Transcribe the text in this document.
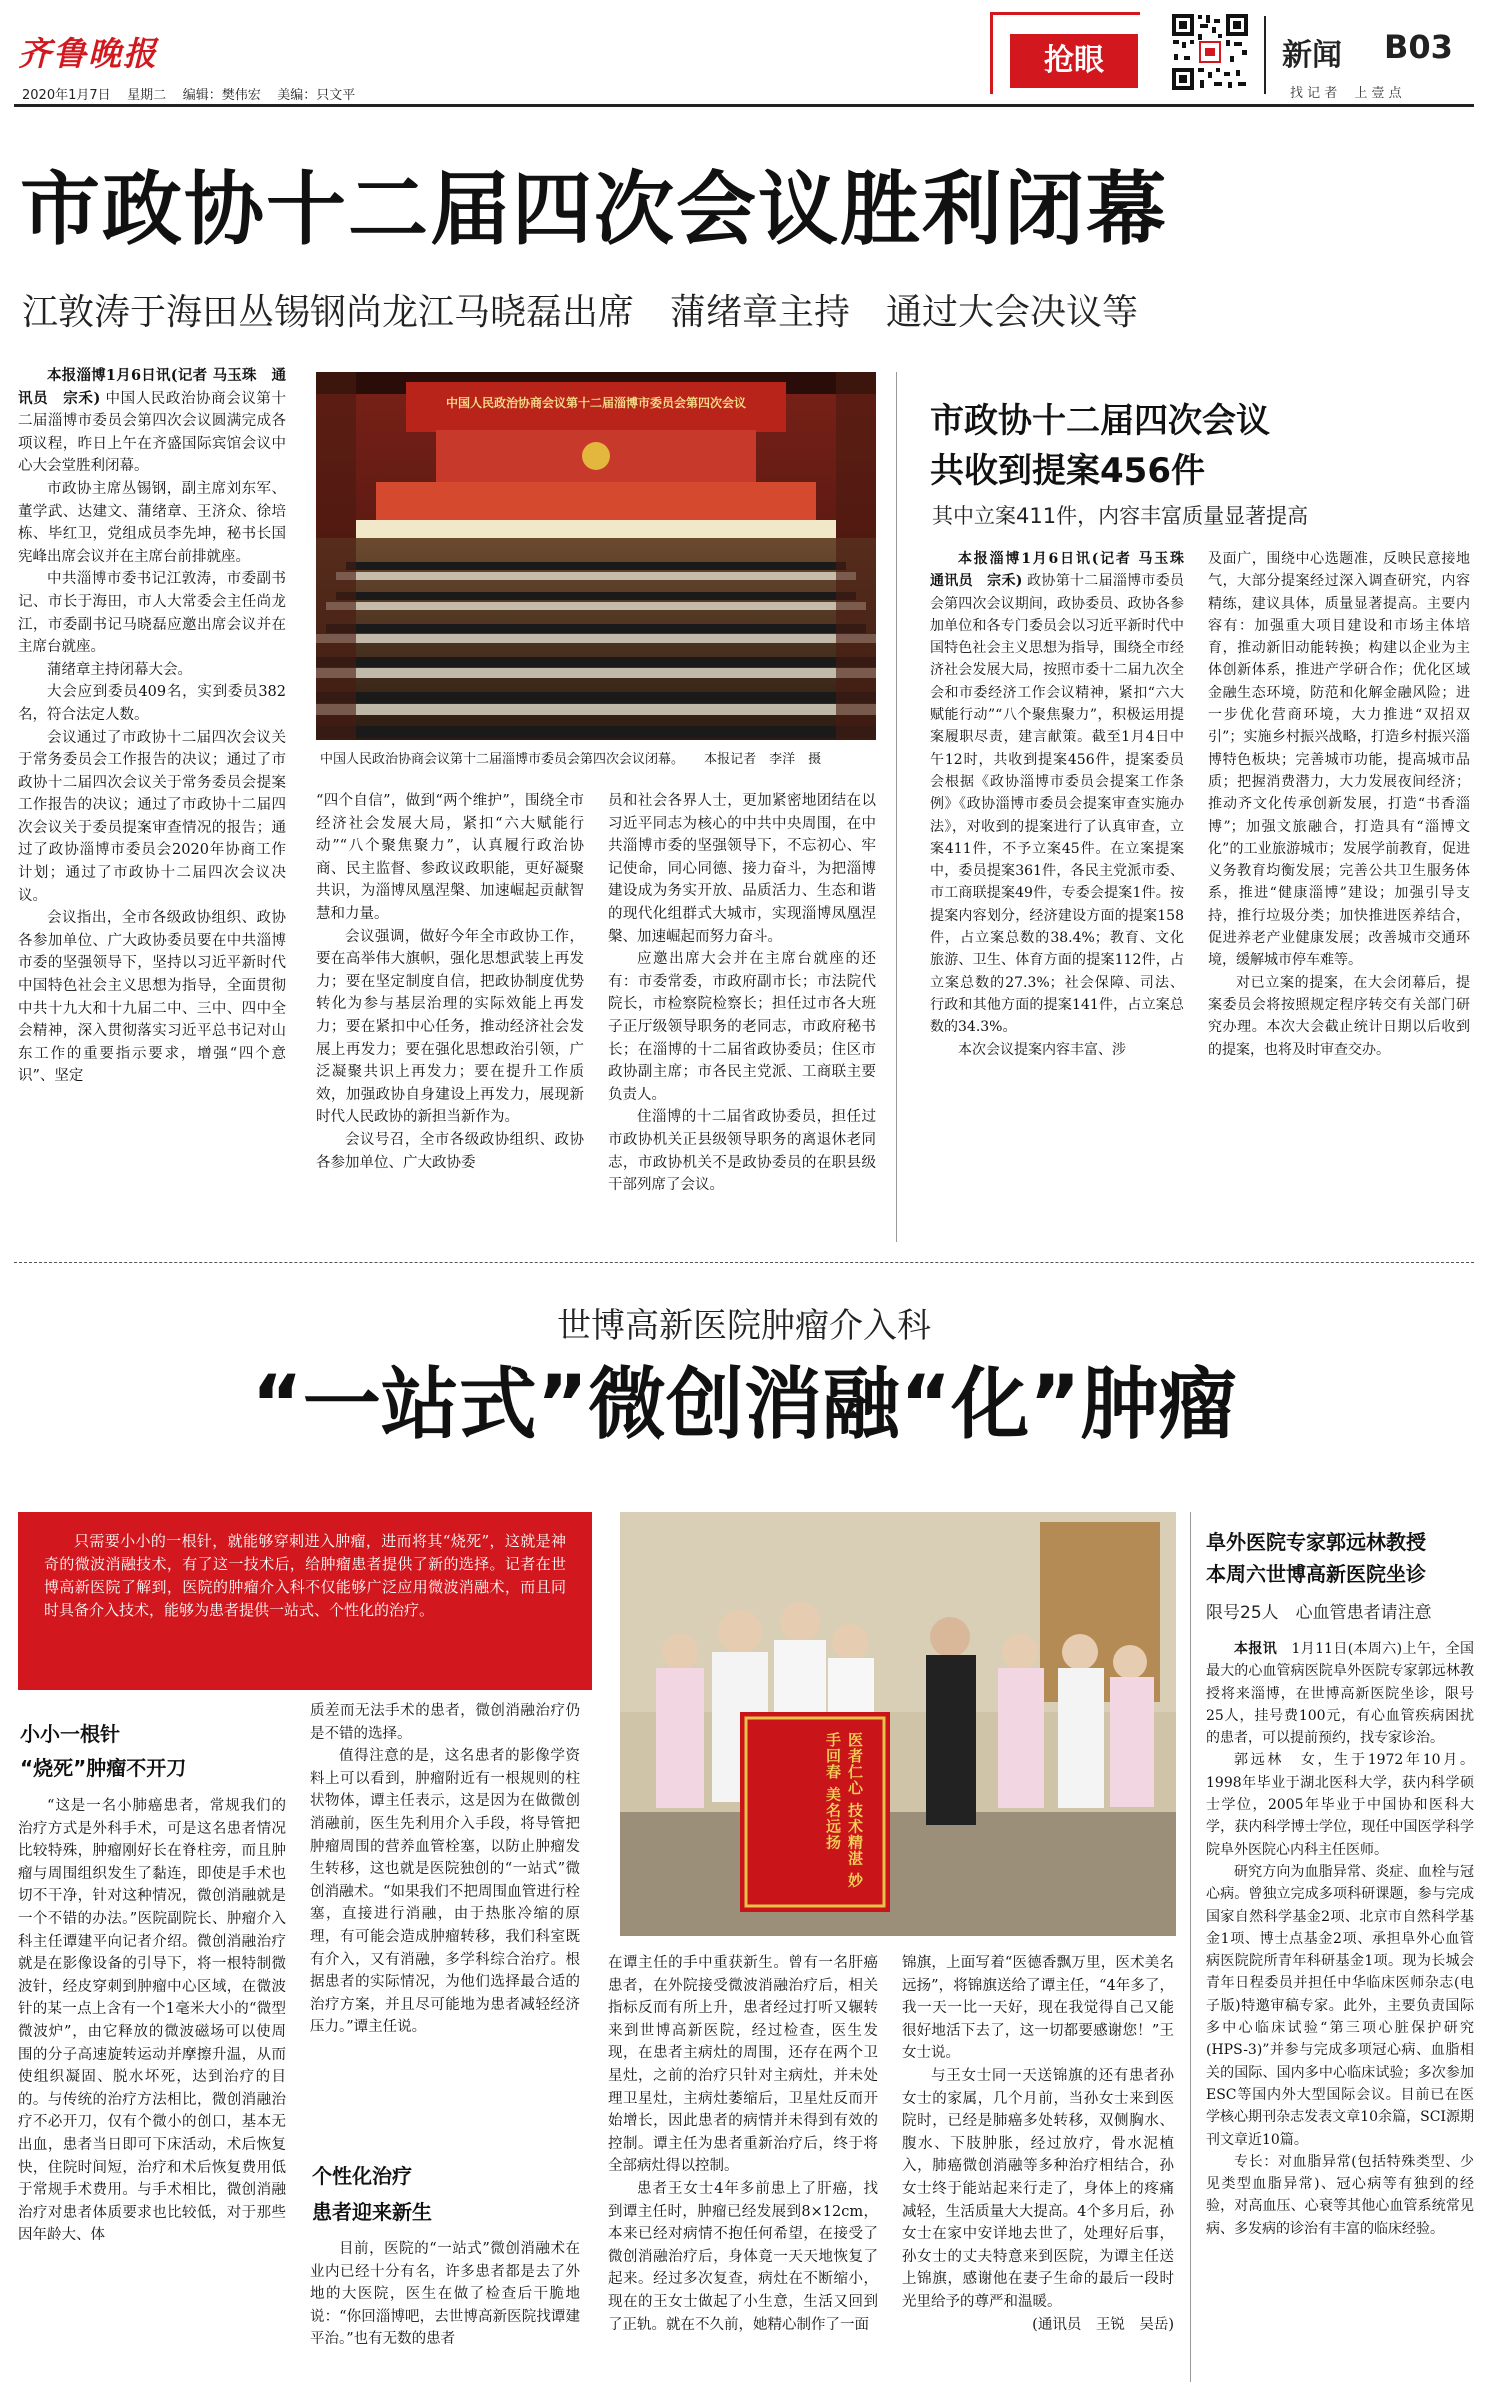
齐鲁晚报
2020年1月7日 星期二 编辑：樊伟宏 美编：只文平
抢眼	新闻 B03
找 记 者　 上 壹 点
市政协十二届四次会议胜利闭幕
江敦涛于海田丛锡钢尚龙江马晓磊出席　蒲绪章主持　通过大会决议等

本报淄博1月6日讯(记者 马玉珠　通讯员　宗禾) 中国人民政治协商会议第十二届淄博市委员会第四次会议圆满完成各项议程，昨日上午在齐盛国际宾馆会议中心大会堂胜利闭幕。

市政协主席丛锡钢，副主席刘东军、董学武、达建文、蒲绪章、王济众、徐培栋、毕红卫，党组成员李先坤，秘书长国宪峰出席会议并在主席台前排就座。

中共淄博市委书记江敦涛，市委副书记、市长于海田，市人大常委会主任尚龙江，市委副书记马晓磊应邀出席会议并在主席台就座。

蒲绪章主持闭幕大会。

大会应到委员409名，实到委员382名，符合法定人数。

会议通过了市政协十二届四次会议关于常务委员会工作报告的决议；通过了市政协十二届四次会议关于常务委员会提案工作报告的决议；通过了市政协十二届四次会议关于委员提案审查情况的报告；通过了政协淄博市委员会2020年协商工作计划；通过了市政协十二届四次会议决议。

会议指出，全市各级政协组织、政协各参加单位、广大政协委员要在中共淄博市委的坚强领导下，坚持以习近平新时代中国特色社会主义思想为指导，全面贯彻中共十九大和十九届二中、三中、四中全会精神，深入贯彻落实习近平总书记对山东工作的重要指示要求，增强“四个意识”、坚定

中国人民政治协商会议第十二届淄博市委员会第四次会议
中国人民政治协商会议第十二届淄博市委员会第四次会议闭幕。 本报记者　李洋　摄

“四个自信”，做到“两个维护”，围绕全市经济社会发展大局，紧扣“六大赋能行动”“八个聚焦聚力”，认真履行政治协商、民主监督、参政议政职能，更好凝聚共识，为淄博凤凰涅槃、加速崛起贡献智慧和力量。

会议强调，做好今年全市政协工作，要在高举伟大旗帜，强化思想武装上再发力；要在坚定制度自信，把政协制度优势转化为参与基层治理的实际效能上再发力；要在紧扣中心任务，推动经济社会发展上再发力；要在强化思想政治引领，广泛凝聚共识上再发力；要在提升工作质效，加强政协自身建设上再发力，展现新时代人民政协的新担当新作为。

会议号召，全市各级政协组织、政协各参加单位、广大政协委

员和社会各界人士，更加紧密地团结在以习近平同志为核心的中共中央周围，在中共淄博市委的坚强领导下，不忘初心、牢记使命，同心同德、接力奋斗，为把淄博建设成为务实开放、品质活力、生态和谐的现代化组群式大城市，实现淄博凤凰涅槃、加速崛起而努力奋斗。

应邀出席大会并在主席台就座的还有：市委常委，市政府副市长；市法院代院长，市检察院检察长；担任过市各大班子正厅级领导职务的老同志，市政府秘书长；在淄博的十二届省政协委员；住区市政协副主席；市各民主党派、工商联主要负责人。

住淄博的十二届省政协委员，担任过市政协机关正县级领导职务的离退休老同志，市政协机关不是政协委员的在职县级干部列席了会议。

市政协十二届四次会议
共收到提案456件
其中立案411件，内容丰富质量显著提高

本报淄博1月6日讯(记者 马玉珠　通讯员　宗禾) 政协第十二届淄博市委员会第四次会议期间，政协委员、政协各参加单位和各专门委员会以习近平新时代中国特色社会主义思想为指导，围绕全市经济社会发展大局，按照市委十二届九次全会和市委经济工作会议精神，紧扣“六大赋能行动”“八个聚焦聚力”，积极运用提案履职尽责，建言献策。截至1月4日中午12时，共收到提案456件，提案委员会根据《政协淄博市委员会提案工作条例》《政协淄博市委员会提案审查实施办法》，对收到的提案进行了认真审查，立案411件，不予立案45件。在立案提案中，委员提案361件，各民主党派市委、市工商联提案49件，专委会提案1件。按提案内容划分，经济建设方面的提案158件，占立案总数的38.4%；教育、文化旅游、卫生、体育方面的提案112件，占立案总数的27.3%；社会保障、司法、行政和其他方面的提案141件，占立案总数的34.3%。

本次会议提案内容丰富、涉

及面广，围绕中心选题准，反映民意接地气，大部分提案经过深入调查研究，内容精练，建议具体，质量显著提高。主要内容有：加强重大项目建设和市场主体培育，推动新旧动能转换；构建以企业为主体创新体系，推进产学研合作；优化区域金融生态环境，防范和化解金融风险；进一步优化营商环境，大力推进“双招双引”；实施乡村振兴战略，打造乡村振兴淄博特色板块；完善城市功能，提高城市品质；把握消费潜力，大力发展夜间经济；推动齐文化传承创新发展，打造“书香淄博”；加强文旅融合，打造具有“淄博文化”的工业旅游城市；发展学前教育，促进义务教育均衡发展；完善公共卫生服务体系，推进“健康淄博”建设；加强引导支持，推行垃圾分类；加快推进医养结合，促进养老产业健康发展；改善城市交通环境，缓解城市停车难等。

对已立案的提案，在大会闭幕后，提案委员会将按照规定程序转交有关部门研究办理。本次大会截止统计日期以后收到的提案，也将及时审查交办。

世博高新医院肿瘤介入科
“一站式”微创消融“化”肿瘤
只需要小小的一根针，就能够穿刺进入肿瘤，进而将其“烧死”，这就是神奇的微波消融技术，有了这一技术后，给肿瘤患者提供了新的选择。记者在世博高新医院了解到，医院的肿瘤介入科不仅能够广泛应用微波消融术，而且同时具备介入技术，能够为患者提供一站式、个性化的治疗。
医者仁心 技术精湛 妙手回春 美名远扬
小小一根针
“烧死”肿瘤不开刀

“这是一名小肺癌患者，常规我们的治疗方式是外科手术，可是这名患者情况比较特殊，肿瘤刚好长在脊柱旁，而且肿瘤与周围组织发生了黏连，即使是手术也切不干净，针对这种情况，微创消融就是一个不错的办法。”医院副院长、肿瘤介入科主任谭建平向记者介绍。微创消融治疗就是在影像设备的引导下，将一根特制微波针，经皮穿刺到肿瘤中心区域，在微波针的某一点上含有一个1毫米大小的“微型微波炉”，由它释放的微波磁场可以使周围的分子高速旋转运动并摩擦升温，从而使组织凝固、脱水坏死，达到治疗的目的。与传统的治疗方法相比，微创消融治疗不必开刀，仅有个微小的创口，基本无出血，患者当日即可下床活动，术后恢复快，住院时间短，治疗和术后恢复费用低于常规手术费用。与手术相比，微创消融治疗对患者体质要求也比较低，对于那些因年龄大、体

质差而无法手术的患者，微创消融治疗仍是不错的选择。

值得注意的是，这名患者的影像学资料上可以看到，肿瘤附近有一根规则的柱状物体，谭主任表示，这是因为在做微创消融前，医生先利用介入手段，将导管把肿瘤周围的营养血管栓塞，以防止肿瘤发生转移，这也就是医院独创的“一站式”微创消融术。“如果我们不把周围血管进行栓塞，直接进行消融，由于热胀冷缩的原理，有可能会造成肿瘤转移，我们科室既有介入，又有消融，多学科综合治疗。根据患者的实际情况，为他们选择最合适的治疗方案，并且尽可能地为患者减轻经济压力。”谭主任说。

个性化治疗
患者迎来新生

目前，医院的“一站式”微创消融术在业内已经十分有名，许多患者都是去了外地的大医院，医生在做了检查后干脆地说：“你回淄博吧，去世博高新医院找谭建平治。”也有无数的患者

在谭主任的手中重获新生。曾有一名肝癌患者，在外院接受微波消融治疗后，相关指标反而有所上升，患者经过打听又辗转来到世博高新医院，经过检查，医生发现，在患者主病灶的周围，还存在两个卫星灶，之前的治疗只针对主病灶，并未处理卫星灶，主病灶萎缩后，卫星灶反而开始增长，因此患者的病情并未得到有效的控制。谭主任为患者重新治疗后，终于将全部病灶得以控制。

患者王女士4年多前患上了肝癌，找到谭主任时，肿瘤已经发展到8×12cm，本来已经对病情不抱任何希望，在接受了微创消融治疗后，身体竟一天天地恢复了起来。经过多次复查，病灶在不断缩小，现在的王女士做起了小生意，生活又回到了正轨。就在不久前，她精心制作了一面

锦旗，上面写着“医德香飘万里，医术美名远扬”，将锦旗送给了谭主任，“4年多了，我一天一比一天好，现在我觉得自己又能很好地活下去了，这一切都要感谢您！”王女士说。

与王女士同一天送锦旗的还有患者孙女士的家属，几个月前，当孙女士来到医院时，已经是肺癌多处转移，双侧胸水、腹水、下肢肿胀，经过放疗，骨水泥植入，肺癌微创消融等多种治疗相结合，孙女士终于能站起来行走了，身体上的疼痛减轻，生活质量大大提高。4个多月后，孙女士在家中安详地去世了，处理好后事，孙女士的丈夫特意来到医院，为谭主任送上锦旗，感谢他在妻子生命的最后一段时光里给予的尊严和温暖。

(通讯员　王锐　吴岳)

阜外医院专家郭远林教授
本周六世博高新医院坐诊
限号25人　心血管患者请注意

本报讯　 1月11日(本周六)上午，全国最大的心血管病医院阜外医院专家郭远林教授将来淄博，在世博高新医院坐诊，限号25人，挂号费100元，有心血管疾病困扰的患者，可以提前预约，找专家诊治。

郭远林　女，生于1972年10月。1998年毕业于湖北医科大学，获内科学硕士学位，2005年毕业于中国协和医科大学，获内科学博士学位，现任中国医学科学院阜外医院心内科主任医师。

研究方向为血脂异常、炎症、血栓与冠心病。曾独立完成多项科研课题，参与完成国家自然科学基金2项、北京市自然科学基金1项、博士点基金2项、承担阜外心血管病医院院所青年科研基金1项。现为长城会青年日程委员并担任中华临床医师杂志(电子版)特邀审稿专家。此外，主要负责国际多中心临床试验“第三项心脏保护研究(HPS-3)”并参与完成多项冠心病、血脂相关的国际、国内多中心临床试验；多次参加ESC等国内外大型国际会议。目前已在医学核心期刊杂志发表文章10余篇，SCI源期刊文章近10篇。

专长：对血脂异常(包括特殊类型、少见类型血脂异常)、冠心病等有独到的经验，对高血压、心衰等其他心血管系统常见病、多发病的诊治有丰富的临床经验。
